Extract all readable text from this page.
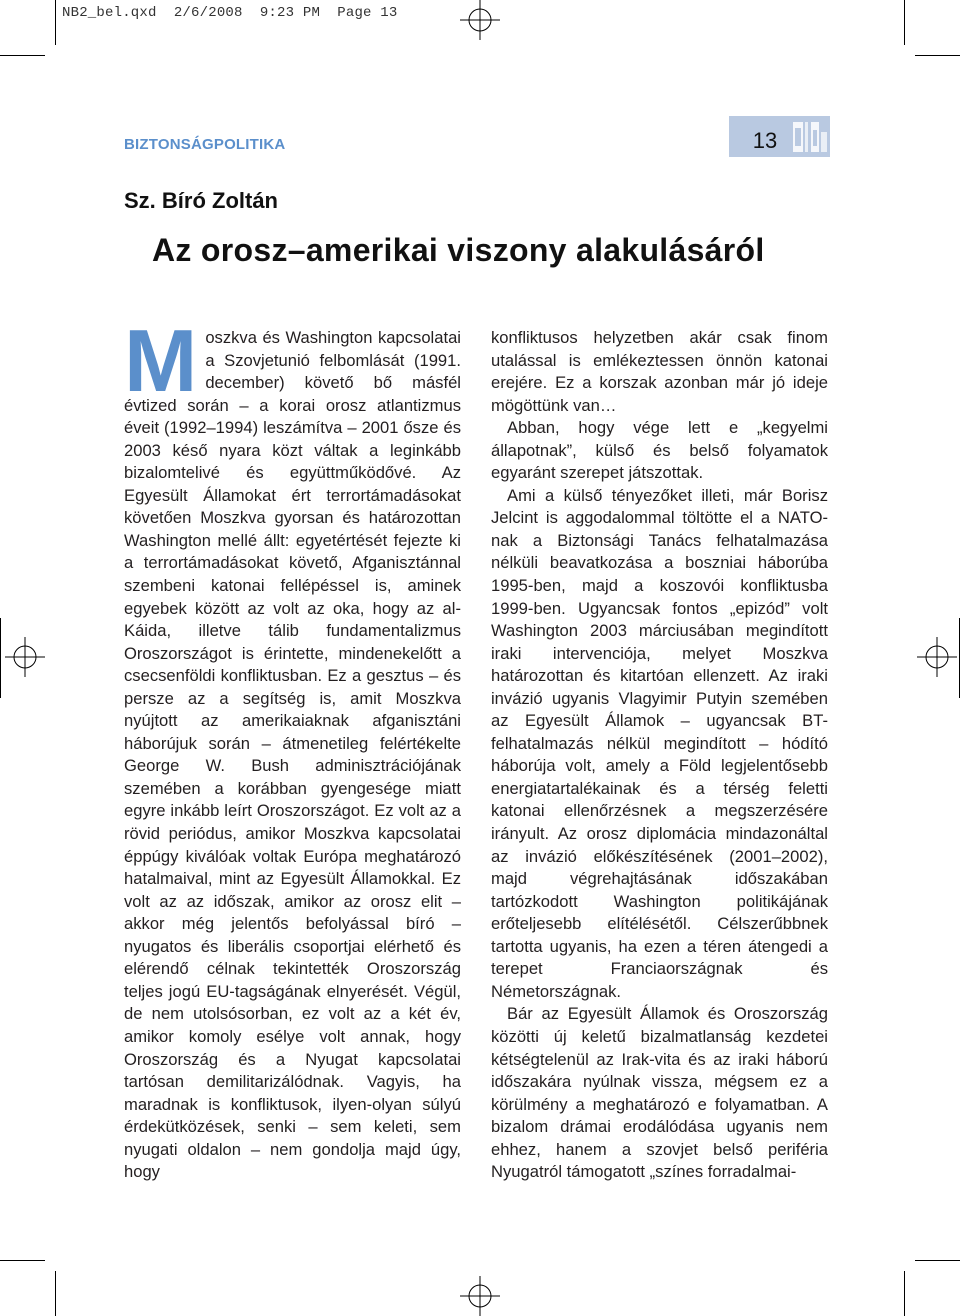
NB2_bel.qxd  2/6/2008  9:23 PM  Page 13
BIZTONSÁGPOLITIKA	13
Sz. Bíró Zoltán
Az orosz–amerikai viszony alakulásáról

Moszkva és Washington kapcsolatai a Szovjetunió felbomlását (1991. december) követő bő másfél évtized során – a korai orosz atlantizmus éveit (1992–1994) leszámítva – 2001 ősze és 2003 késő nyara közt váltak a leginkább bizalomtelivé és együttműködővé. Az Egyesült Államokat ért terrortámadásokat követően Moszkva gyorsan és határozottan Washington mellé állt: egyetértését fejezte ki a terrortámadásokat követő, Afganisztánnal szembeni katonai fellépéssel is, aminek egyebek között az volt az oka, hogy az al-Káida, illetve tálib fundamentalizmus Oroszországot is érintette, mindenekelőtt a csecsenföldi konfliktusban. Ez a gesztus – és persze az a segítség is, amit Moszkva nyújtott az amerikaiaknak afganisztáni háborújuk során – átmenetileg felértékelte George W. Bush adminisztrációjának szemében a korábban gyengesége miatt egyre inkább leírt Oroszországot. Ez volt az a rövid periódus, amikor Moszkva kapcsolatai éppúgy kiválóak voltak Európa meghatározó hatalmaival, mint az Egyesült Államokkal. Ez volt az az időszak, amikor az orosz elit – akkor még jelentős befolyással bíró – nyugatos és liberális csoportjai elérhető és elérendő célnak tekintették Oroszország teljes jogú EU-tagságának elnyerését. Végül, de nem utolsósorban, ez volt az a két év, amikor komoly esélye volt annak, hogy Oroszország és a Nyugat kapcsolatai tartósan demilitarizálódnak. Vagyis, ha maradnak is konfliktusok, ilyen-olyan súlyú érdekütközések, senki – sem keleti, sem nyugati oldalon – nem gondolja majd úgy, hogy

konfliktusos helyzetben akár csak finom utalással is emlékeztessen önnön katonai erejére. Ez a korszak azonban már jó ideje mögöttünk van…

Abban, hogy vége lett e „kegyelmi állapotnak”, külső és belső folyamatok egyaránt szerepet játszottak.

Ami a külső tényezőket illeti, már Borisz Jelcint is aggodalommal töltötte el a NATO-nak a Biztonsági Tanács felhatalmazása nélküli beavatkozása a boszniai háborúba 1995-ben, majd a koszovói konfliktusba 1999-ben. Ugyancsak fontos „epizód” volt Washington 2003 márciusában megindított iraki intervenciója, melyet Moszkva határozottan és kitartóan ellenzett. Az iraki invázió ugyanis Vlagyimir Putyin szemében az Egyesült Államok – ugyancsak BT-felhatalmazás nélkül megindított – hódító háborúja volt, amely a Föld legjelentősebb energiatartalékainak és a térség feletti katonai ellenőrzésnek a megszerzésére irányult. Az orosz diplomácia mindazonáltal az invázió előkészítésének (2001–2002), majd végrehajtásának időszakában tartózkodott Washington politikájának erőteljesebb elítélésétől. Célszerűbbnek tartotta ugyanis, ha ezen a téren átengedi a terepet Franciaországnak és Németországnak.

Bár az Egyesült Államok és Oroszország közötti új keletű bizalmatlanság kezdetei kétségtelenül az Irak-vita és az iraki háború időszakára nyúlnak vissza, mégsem ez a körülmény a meghatározó e folyamatban. A bizalom drámai erodálódása ugyanis nem ehhez, hanem a szovjet belső periféria Nyugatról támogatott „színes forradalmai-
